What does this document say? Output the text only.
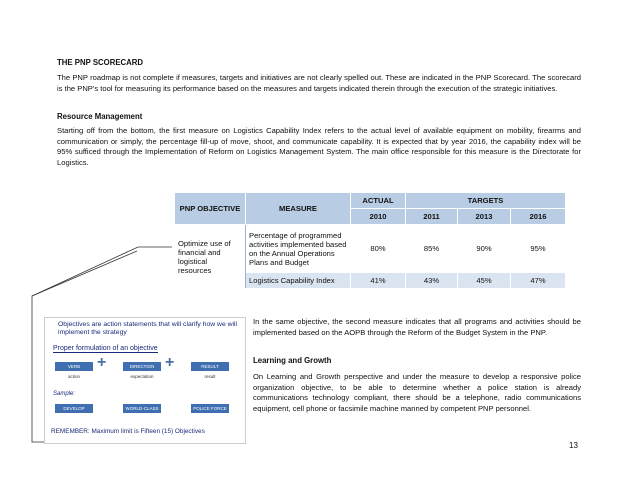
THE PNP SCORECARD
The PNP roadmap is not complete if measures, targets and initiatives are not clearly spelled out. These are indicated in the PNP Scorecard. The scorecard is the PNP's tool for measuring its performance based on the measures and targets indicated therein through the execution of the strategic initiatives.
Resource Management
Starting off from the bottom, the first measure on Logistics Capability Index refers to the actual level of available equipment on mobility, firearms and communication or simply, the percentage fill-up of move, shoot, and communicate capability. It is expected that by year 2016, the capability index will be 95% sufficed through the Implementation of Reform on Logistics Management System. The main office responsible for this measure is the Directorate for Logistics.
PNP OBJECTIVE	MEASURE	ACTUAL	TARGETS		
		2010	2011	2013	2016
Optimize use of financial and logistical resources	Percentage of programmed activities implemented based on the Annual Operations Plans and Budget	80%	85%	90%	95%
	Logistics Capability Index	41%	43%	45%	47%
Objectives are action statements that will clarify how we will implement the strategy
Proper formulation of an objective
VERB	+	DIRECTION +	RESULT
action	expectation	result
Sample:
DEVELOP	WORLD-CLASS	POLICE FORCE
REMEMBER: Maximum limit is Fifteen (15) Objectives
In the same objective, the second measure indicates that all programs and activities should be implemented based on the AOPB through the Reform of the Budget System in the PNP.
Learning and Growth
On Learning and Growth perspective and under the measure to develop a responsive police organization objective, to be able to determine whether a police station is already communications technology compliant, there should be a telephone, radio communications equipment, cell phone or facsimile machine manned by competent PNP personnel.
13
